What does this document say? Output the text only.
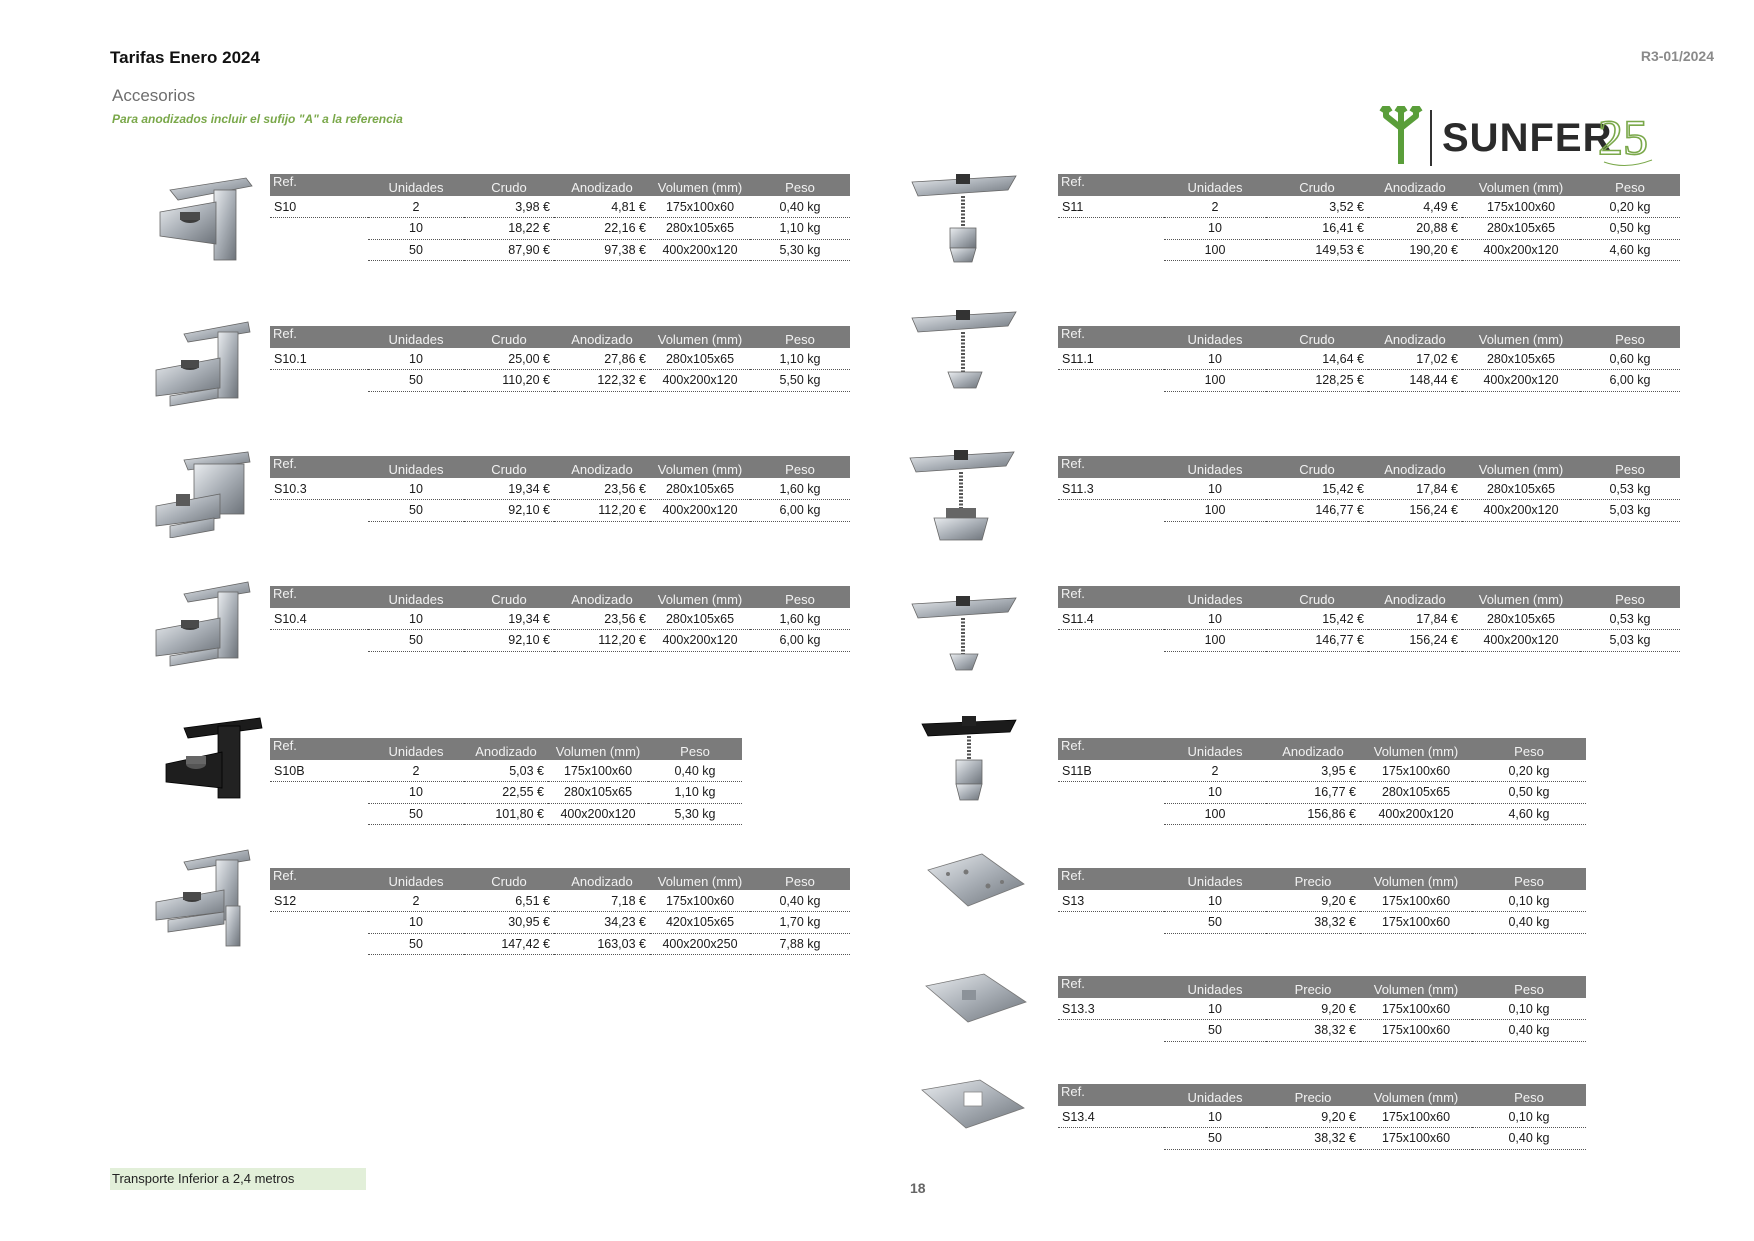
Tarifas Enero 2024	R3-01/2024
Accesorios
Para anodizados incluir el sufijo "A" a la referencia	SUNFER
25
Ref.	Unidades	Crudo	Anodizado	Volumen (mm)	Peso
S10	2	3,98 €	4,81 €	175x100x60	0,40 kg
	10	18,22 €	22,16 €	280x105x65	1,10 kg
	50	87,90 €	97,38 €	400x200x120	5,30 kg
Ref.	Unidades	Crudo	Anodizado	Volumen (mm)	Peso
S10.1	10	25,00 €	27,86 €	280x105x65	1,10 kg
	50	110,20 €	122,32 €	400x200x120	5,50 kg
Ref.	Unidades	Crudo	Anodizado	Volumen (mm)	Peso
S10.3	10	19,34 €	23,56 €	280x105x65	1,60 kg
	50	92,10 €	112,20 €	400x200x120	6,00 kg
Ref.	Unidades	Crudo	Anodizado	Volumen (mm)	Peso
S10.4	10	19,34 €	23,56 €	280x105x65	1,60 kg
	50	92,10 €	112,20 €	400x200x120	6,00 kg
Ref.	Unidades	Anodizado	Volumen (mm)	Peso
S10B	2	5,03 €	175x100x60	0,40 kg
	10	22,55 €	280x105x65	1,10 kg
	50	101,80 €	400x200x120	5,30 kg
Ref.	Unidades	Crudo	Anodizado	Volumen (mm)	Peso
S12	2	6,51 €	7,18 €	175x100x60	0,40 kg
	10	30,95 €	34,23 €	420x105x65	1,70 kg
	50	147,42 €	163,03 €	400x200x250	7,88 kg
Ref.	Unidades	Crudo	Anodizado	Volumen (mm)	Peso
S11	2	3,52 €	4,49 €	175x100x60	0,20 kg
	10	16,41 €	20,88 €	280x105x65	0,50 kg
	100	149,53 €	190,20 €	400x200x120	4,60 kg
Ref.	Unidades	Crudo	Anodizado	Volumen (mm)	Peso
S11.1	10	14,64 €	17,02 €	280x105x65	0,60 kg
	100	128,25 €	148,44 €	400x200x120	6,00 kg
Ref.	Unidades	Crudo	Anodizado	Volumen (mm)	Peso
S11.3	10	15,42 €	17,84 €	280x105x65	0,53 kg
	100	146,77 €	156,24 €	400x200x120	5,03 kg
Ref.	Unidades	Crudo	Anodizado	Volumen (mm)	Peso
S11.4	10	15,42 €	17,84 €	280x105x65	0,53 kg
	100	146,77 €	156,24 €	400x200x120	5,03 kg
Ref.	Unidades	Anodizado	Volumen (mm)	Peso
S11B	2	3,95 €	175x100x60	0,20 kg
	10	16,77 €	280x105x65	0,50 kg
	100	156,86 €	400x200x120	4,60 kg
Ref.	Unidades	Precio	Volumen (mm)	Peso
S13	10	9,20 €	175x100x60	0,10 kg
	50	38,32 €	175x100x60	0,40 kg
Ref.	Unidades	Precio	Volumen (mm)	Peso
S13.3	10	9,20 €	175x100x60	0,10 kg
	50	38,32 €	175x100x60	0,40 kg
Ref.	Unidades	Precio	Volumen (mm)	Peso
S13.4	10	9,20 €	175x100x60	0,10 kg
	50	38,32 €	175x100x60	0,40 kg
Transporte Inferior a 2,4 metros
18
